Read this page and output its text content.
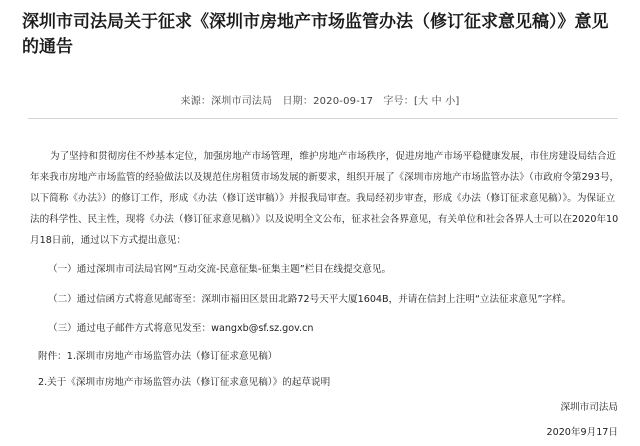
深圳市司法局关于征求《深圳市房地产市场监管办法（修订征求意见稿）》意见的通告
来源：深圳市司法局 日期：2020-09-17 字号：[大 中 小]

为了坚持和贯彻房住不炒基本定位，加强房地产市场管理，维护房地产市场秩序，促进房地产市场平稳健康发展，市住房建设局结合近年来我市房地产市场监管的经验做法以及规范住房租赁市场发展的新要求，组织开展了《深圳市房地产市场监管办法》（市政府令第293号，以下简称《办法》）的修订工作，形成《办法（修订送审稿）》并报我局审查。我局经初步审查，形成《办法（修订征求意见稿）》。为保证立法的科学性、民主性，现将《办法（修订征求意见稿）》以及说明全文公布，征求社会各界意见，有关单位和社会各界人士可以在2020年10月18日前，通过以下方式提出意见：

（一）通过深圳市司法局官网“互动交流-民意征集-征集主题”栏目在线提交意见。
（二）通过信函方式将意见邮寄至：深圳市福田区景田北路72号天平大厦1604B，并请在信封上注明“立法征求意见”字样。
（三）通过电子邮件方式将意见发至：wangxb@sf.sz.gov.cn
附件：1.深圳市房地产市场监管办法（修订征求意见稿）
2.关于《深圳市房地产市场监管办法（修订征求意见稿）》的起草说明
深圳市司法局
2020年9月17日
